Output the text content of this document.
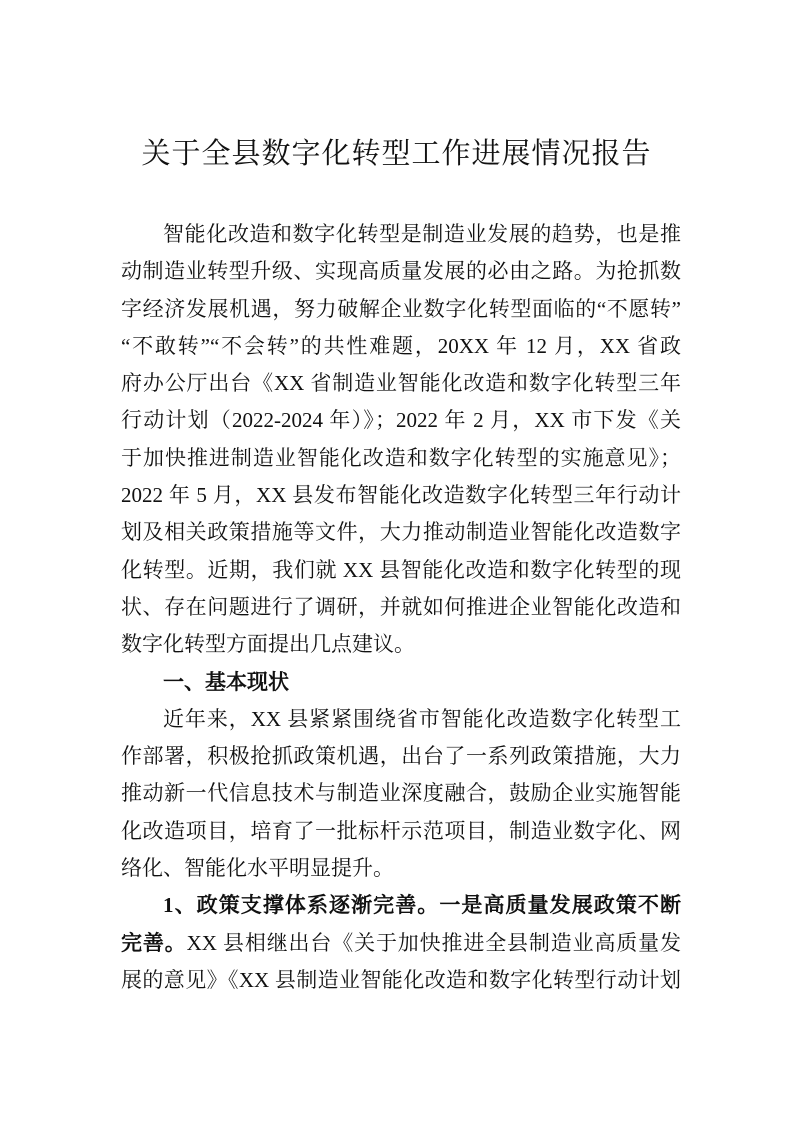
关于全县数字化转型工作进展情况报告
智能化改造和数字化转型是制造业发展的趋势，也是推
动制造业转型升级、实现高质量发展的必由之路。为抢抓数
字经济发展机遇，努力破解企业数字化转型面临的“不愿转”
“不敢转”“不会转”的共性难题，20XX 年 12 月，XX 省政
府办公厅出台《XX 省制造业智能化改造和数字化转型三年
行动计划（2022-2024 年）》；2022 年 2 月，XX 市下发《关
于加快推进制造业智能化改造和数字化转型的实施意见》；
2022 年 5 月，XX 县发布智能化改造数字化转型三年行动计
划及相关政策措施等文件，大力推动制造业智能化改造数字
化转型。近期，我们就 XX 县智能化改造和数字化转型的现
状、存在问题进行了调研，并就如何推进企业智能化改造和
数字化转型方面提出几点建议。
一、基本现状
近年来，XX 县紧紧围绕省市智能化改造数字化转型工
作部署，积极抢抓政策机遇，出台了一系列政策措施，大力
推动新一代信息技术与制造业深度融合，鼓励企业实施智能
化改造项目，培育了一批标杆示范项目，制造业数字化、网
络化、智能化水平明显提升。
1、政策支撑体系逐渐完善。一是高质量发展政策不断
完善。XX 县相继出台《关于加快推进全县制造业高质量发
展的意见》《XX 县制造业智能化改造和数字化转型行动计划
